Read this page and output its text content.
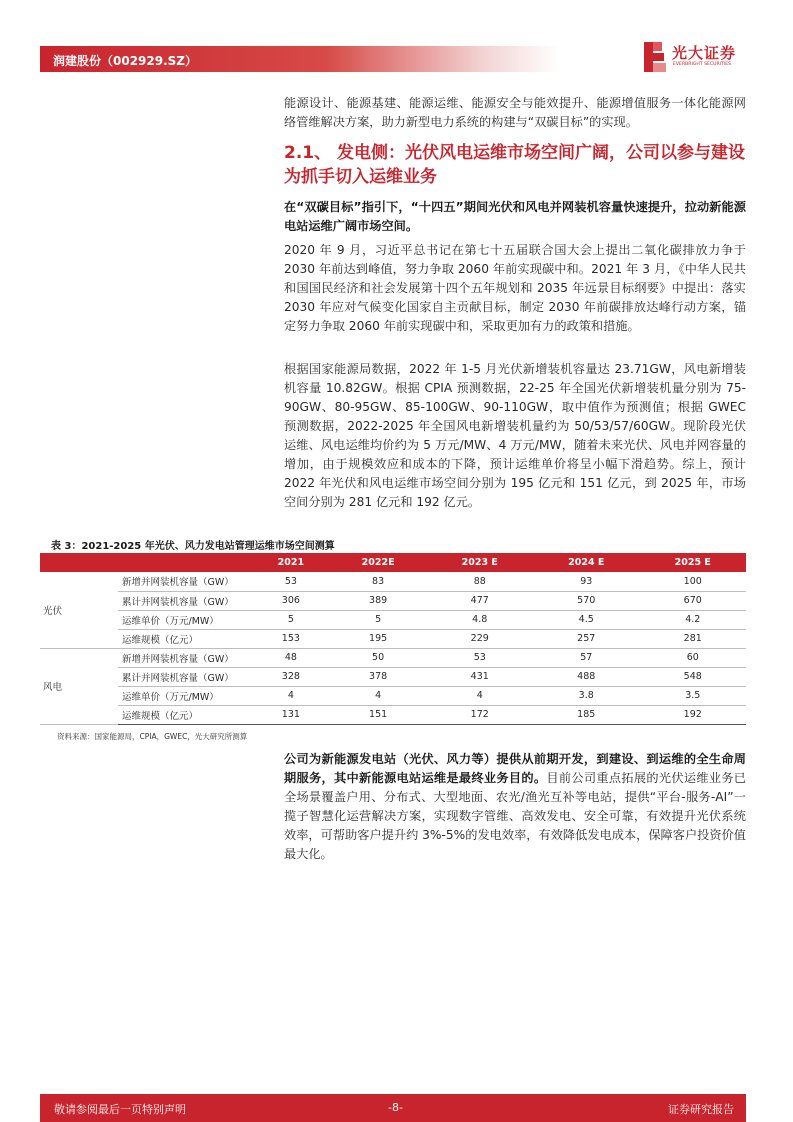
润建股份（002929.SZ）	光大证券
EVERBRIGHT SECURITIES
能源设计、能源基建、能源运维、能源安全与能效提升、能源增值服务一体化能源网络管维解决方案，助力新型电力系统的构建与“双碳目标”的实现。
2.1、 发电侧：光伏风电运维市场空间广阔，公司以参与建设为抓手切入运维业务
在“双碳目标”指引下，“十四五”期间光伏和风电并网装机容量快速提升，拉动新能源电站运维广阔市场空间。
2020 年 9 月，习近平总书记在第七十五届联合国大会上提出二氧化碳排放力争于 2030 年前达到峰值，努力争取 2060 年前实现碳中和。2021 年 3 月，《中华人民共和国国民经济和社会发展第十四个五年规划和 2035 年远景目标纲要》中提出：落实 2030 年应对气候变化国家自主贡献目标，制定 2030 年前碳排放达峰行动方案，锚定努力争取 2060 年前实现碳中和，采取更加有力的政策和措施。
根据国家能源局数据，2022 年 1-5 月光伏新增装机容量达 23.71GW，风电新增装机容量 10.82GW。根据 CPIA 预测数据，22-25 年全国光伏新增装机量分别为 75-90GW、80-95GW、85-100GW、90-110GW，取中值作为预测值；根据 GWEC 预测数据，2022-2025 年全国风电新增装机量约为 50/53/57/60GW。现阶段光伏运维、风电运维均价约为 5 万元/MW、4 万元/MW，随着未来光伏、风电并网容量的增加，由于规模效应和成本的下降，预计运维单价将呈小幅下滑趋势。综上，预计 2022 年光伏和风电运维市场空间分别为 195 亿元和 151 亿元，到 2025 年，市场空间分别为 281 亿元和 192 亿元。
表 3：2021-2025 年光伏、风力发电站管理运维市场空间测算
		2021	2022E	2023 E	2024 E	2025 E
光伏	新增并网装机容量（GW）	53	83	88	93	100
	累计并网装机容量（GW）	306	389	477	570	670
	运维单价（万元/MW）	5	5	4.8	4.5	4.2
	运维规模（亿元）	153	195	229	257	281
风电	新增并网装机容量（GW）	48	50	53	57	60
	累计并网装机容量（GW）	328	378	431	488	548
	运维单价（万元/MW）	4	4	4	3.8	3.5
	运维规模（亿元）	131	151	172	185	192
资料来源：国家能源局，CPIA，GWEC，光大研究所测算
公司为新能源发电站（光伏、风力等）提供从前期开发，到建设、到运维的全生命周期服务，其中新能源电站运维是最终业务目的。目前公司重点拓展的光伏运维业务已全场景覆盖户用、分布式、大型地面、农光/渔光互补等电站，提供“平台-服务-AI”一揽子智慧化运营解决方案，实现数字管维、高效发电、安全可靠，有效提升光伏系统效率，可帮助客户提升约 3%-5%的发电效率，有效降低发电成本，保障客户投资价值最大化。
敬请参阅最后一页特别声明	-8-	证券研究报告
